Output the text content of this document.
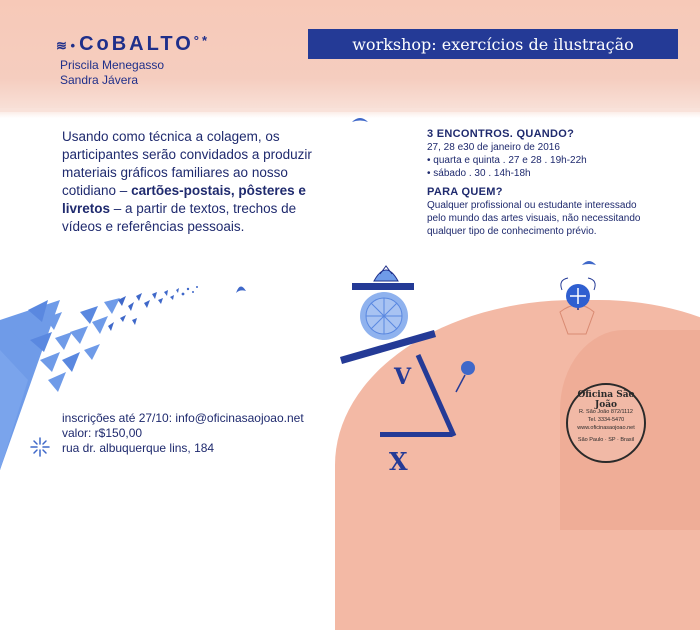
≋ • CoBALTO°*
Priscila Menegasso
Sandra Jávera
workshop: exercícios de ilustração
Usando como técnica a colagem, os participantes serão convidados a produzir materiais gráficos familiares ao nosso cotidiano – cartões-postais, pôsteres e livretos – a partir de textos, trechos de vídeos e referências pessoais.
3 ENCONTROS. QUANDO?
27, 28 e30 de janeiro de 2016
• quarta e quinta . 27 e 28 . 19h-22h
• sábado . 30 . 14h-18h
PARA QUEM?
Qualquer profissional ou estudante interessado pelo mundo das artes visuais, não necessitando qualquer tipo de conhecimento prévio.
inscrições até 27/10: info@oficinasaojoao.net
valor: r$150,00
rua dr. albuquerque lins, 184
V
X
Oficina São João
R. São João 872/1112
Tel. 3334-5470
www.oficinasaojoao.net
São Paulo · SP · Brasil
